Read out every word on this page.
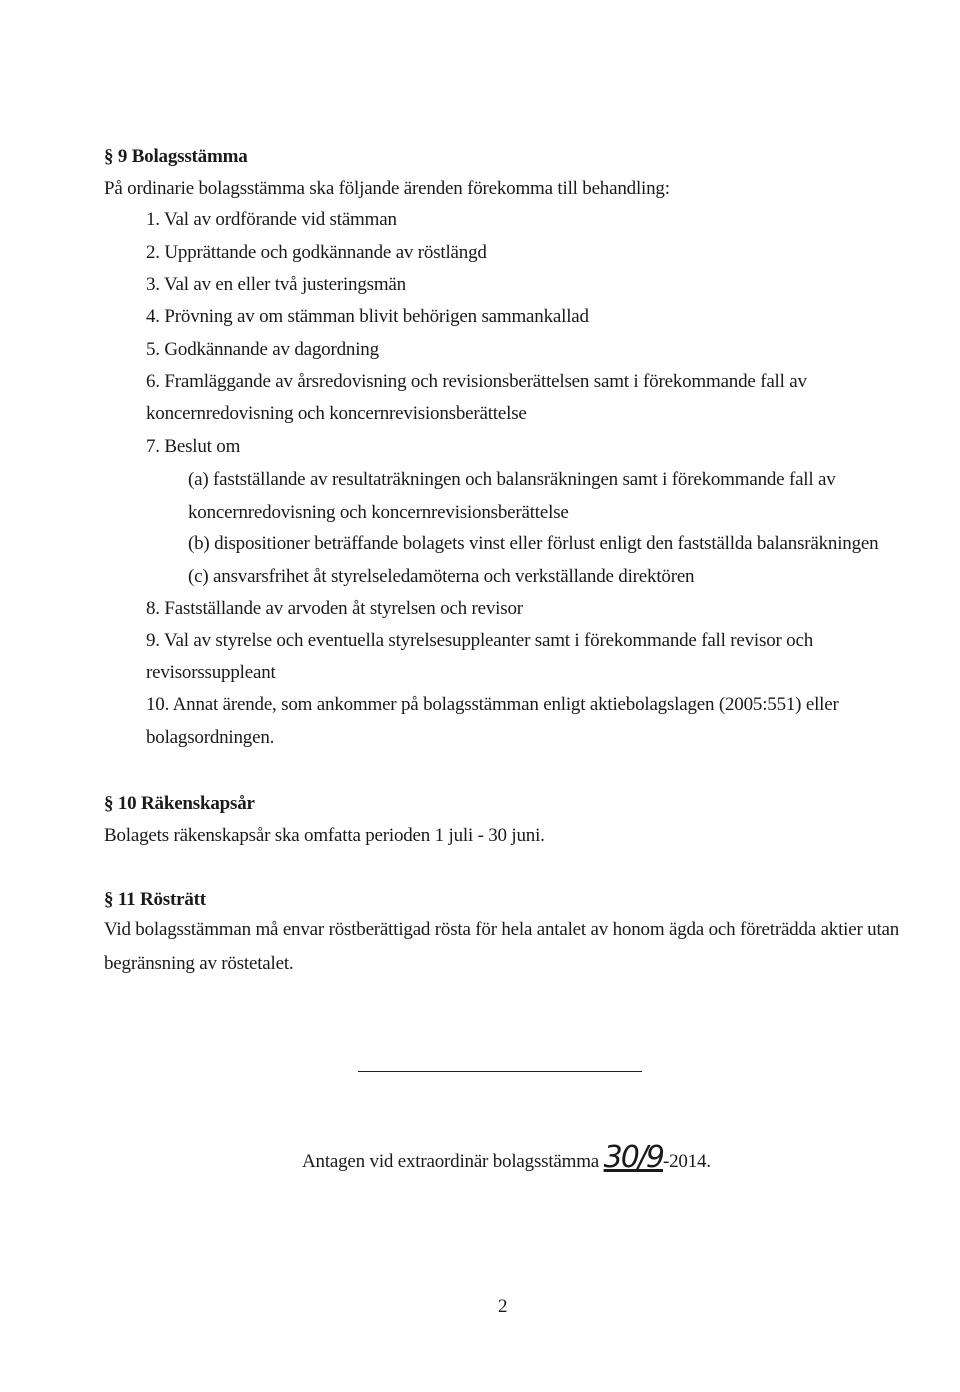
§ 9 Bolagsstämma
På ordinarie bolagsstämma ska följande ärenden förekomma till behandling:
1. Val av ordförande vid stämman
2. Upprättande och godkännande av röstlängd
3. Val av en eller två justeringsmän
4. Prövning av om stämman blivit behörigen sammankallad
5. Godkännande av dagordning
6. Framläggande av årsredovisning och revisionsberättelsen samt i förekommande fall av
koncernredovisning och koncernrevisionsberättelse
7. Beslut om
(a) fastställande av resultaträkningen och balansräkningen samt i förekommande fall av
koncernredovisning och koncernrevisionsberättelse
(b) dispositioner beträffande bolagets vinst eller förlust enligt den fastställda balansräkningen
(c) ansvarsfrihet åt styrelseledamöterna och verkställande direktören
8. Fastställande av arvoden åt styrelsen och revisor
9. Val av styrelse och eventuella styrelsesuppleanter samt i förekommande fall revisor och
revisorssuppleant
10. Annat ärende, som ankommer på bolagsstämman enligt aktiebolagslagen (2005:551) eller
bolagsordningen.
§ 10 Räkenskapsår
Bolagets räkenskapsår ska omfatta perioden 1 juli - 30 juni.
§ 11 Rösträtt
Vid bolagsstämman må envar röstberättigad rösta för hela antalet av honom ägda och företrädda aktier utan
begränsning av röstetalet.
Antagen vid extraordinär bolagsstämma 30/9-2014.
2
